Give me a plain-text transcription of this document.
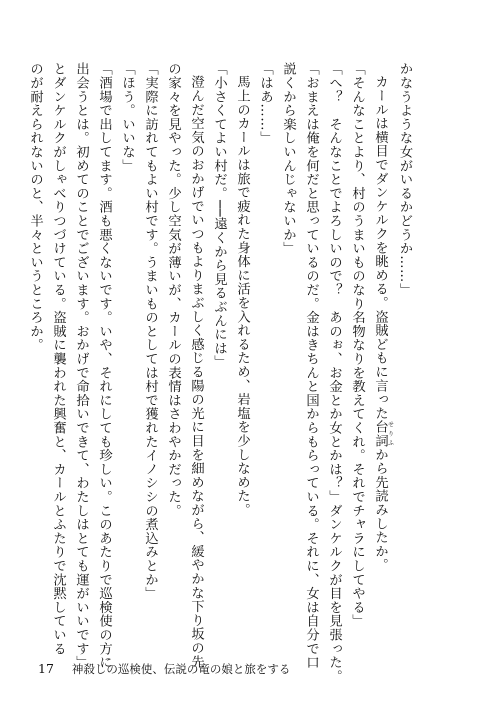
かなうような女がいるかどうか……」
カールは横目でダンケルクを眺める。盗賊どもに言った台詞 せりふから先読みしたか。
「そんなことより、村のうまいものなり名物なりを教えてくれ。それでチャラにしてやる」
「へ？　そんなことでよろしいので？　あのぉ、お金とか女とかは？」ダンケルクが目を見張った。
「おまえは俺を何だと思っているのだ。金はきちんと国からもらっている。それに、女は自分で口
説くから楽しいんじゃないか」
「はあ……」
馬上のカールは旅で疲れた身体に活を入れるため、岩塩を少しなめた。
「小さくてよい村だ。──遠くから見るぶんには」
澄んだ空気のおかげでいつもよりまぶしく感じる陽の光に目を細めながら、緩やかな下り坂の先
の家々を見やった。少し空気が薄いが、カールの表情はさわやかだった。
「実際に訪れてもよい村です。うまいものとしては村で獲れたイノシシの煮込みとか」
「ほう。いいな」
「酒場で出してます。酒も悪くないです。いや、それにしても珍しい。このあたりで巡検使の方に
出会うとは。初めてのことでございます。おかげで命拾いできて、わたしはとても運がいいです」
とダンケルクがしゃべりつづけている。盗賊に襲われた興奮と、カールとふたりで沈黙している
のが耐えられないのと、半々というところか。
17 神殺しの巡検使、伝説の竜の娘と旅をする
